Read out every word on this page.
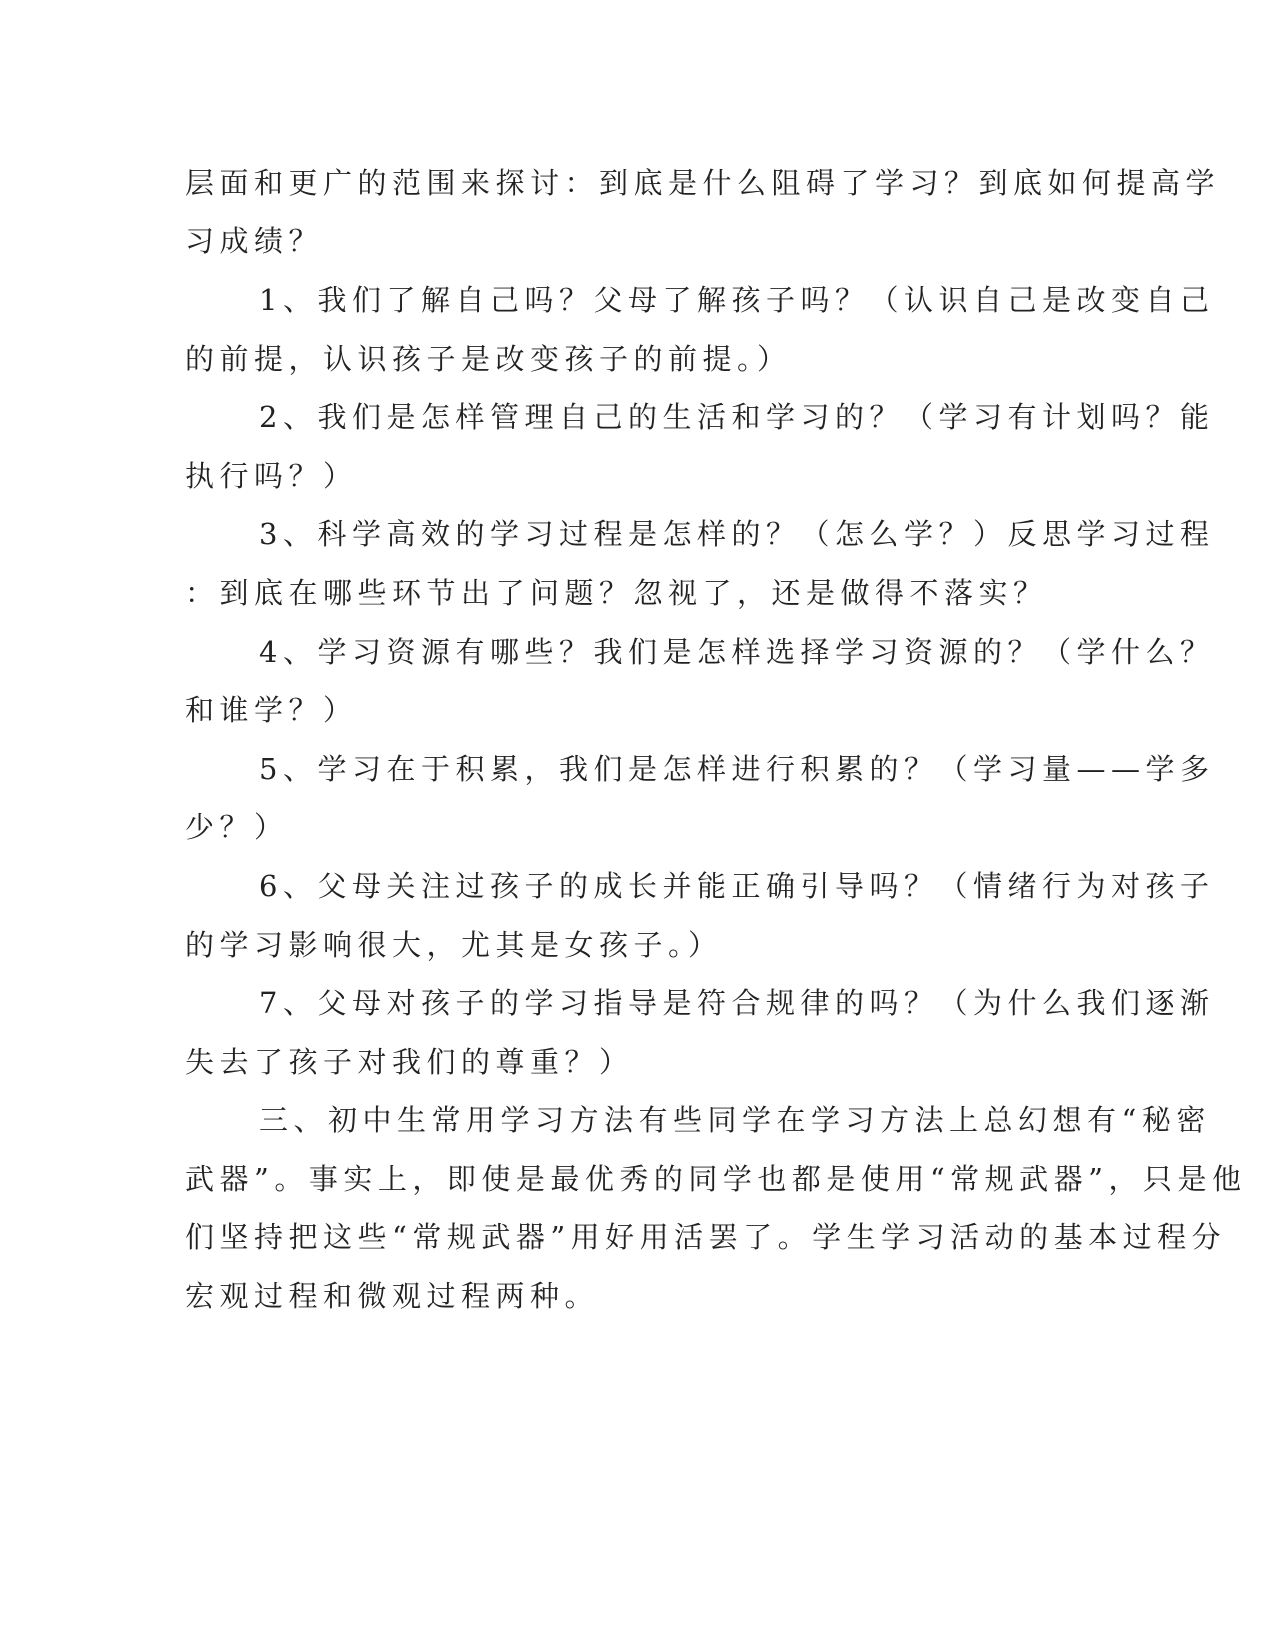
层面和更广的范围来探讨：到底是什么阻碍了学习？到底如何提高学
习成绩？
1、我们了解自己吗？父母了解孩子吗？（认识自己是改变自己
的前提，认识孩子是改变孩子的前提。）
2、我们是怎样管理自己的生活和学习的？（学习有计划吗？能
执行吗？）
3、科学高效的学习过程是怎样的？（怎么学？）反思学习过程
：到底在哪些环节出了问题？忽视了，还是做得不落实？
4、学习资源有哪些？我们是怎样选择学习资源的？（学什么？
和谁学？）
5、学习在于积累，我们是怎样进行积累的？（学习量——学多
少？）
6、父母关注过孩子的成长并能正确引导吗？（情绪行为对孩子
的学习影响很大，尤其是女孩子。）
7、父母对孩子的学习指导是符合规律的吗？（为什么我们逐渐
失去了孩子对我们的尊重？）
三、初中生常用学习方法有些同学在学习方法上总幻想有“秘密
武器”。事实上，即使是最优秀的同学也都是使用“常规武器”，只是他
们坚持把这些“常规武器”用好用活罢了。学生学习活动的基本过程分
宏观过程和微观过程两种。
